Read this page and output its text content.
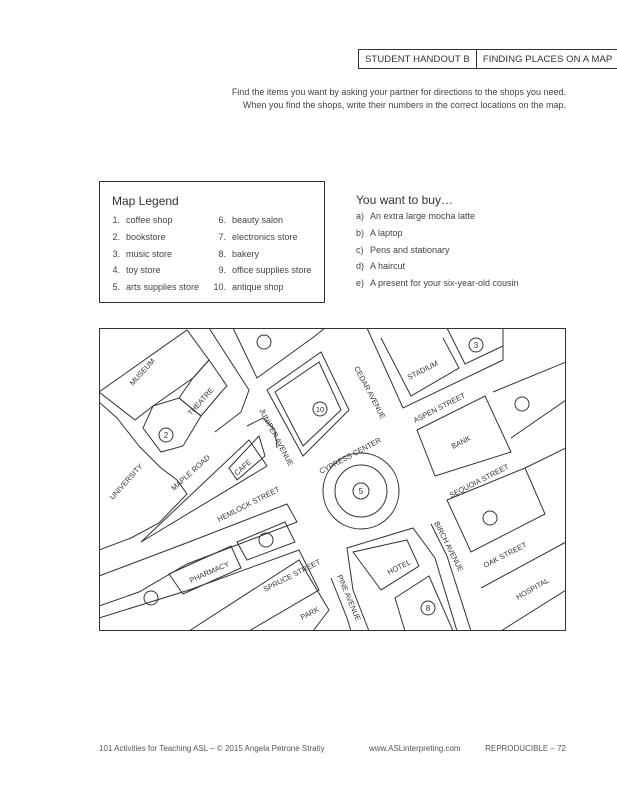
STUDENT HANDOUT B	FINDING PLACES ON A MAP
Find the items you want by asking your partner for directions to the shops you need.
When you find the shops, write their numbers in the correct locations on the map.
Map Legend
1. coffee shop
2. bookstore
3. music store
4. toy store
5. arts supplies store
6. beauty salon
7. electronics store
8. bakery
9. office supplies store
10. antique shop
You want to buy…
a) An extra large mocha latte
b) A laptop
c) Pens and stationary
d) A haircut
e) A present for your six-year-old cousin
2
3
5
8
10
MUSEUM
THEATRE
UNIVERSITY	CAFE
STADIUM
BANK
PHARMACY
PARK
HOTEL
HOSPITAL
CYPRESS CENTER
MAPLE ROAD
JUNIPER AVENUE
CEDAR AVENUE	ASPEN STREET
HEMLOCK STREET
SEQUOIA STREET
SPRUCE STREET PINE AVENUE
BIRCH AVENUE OAK STREET
101 Activities for Teaching ASL – © 2015 Angela Petrone Stratiy	www.ASLinterpreting.com	REPRODUCIBLE – 72
